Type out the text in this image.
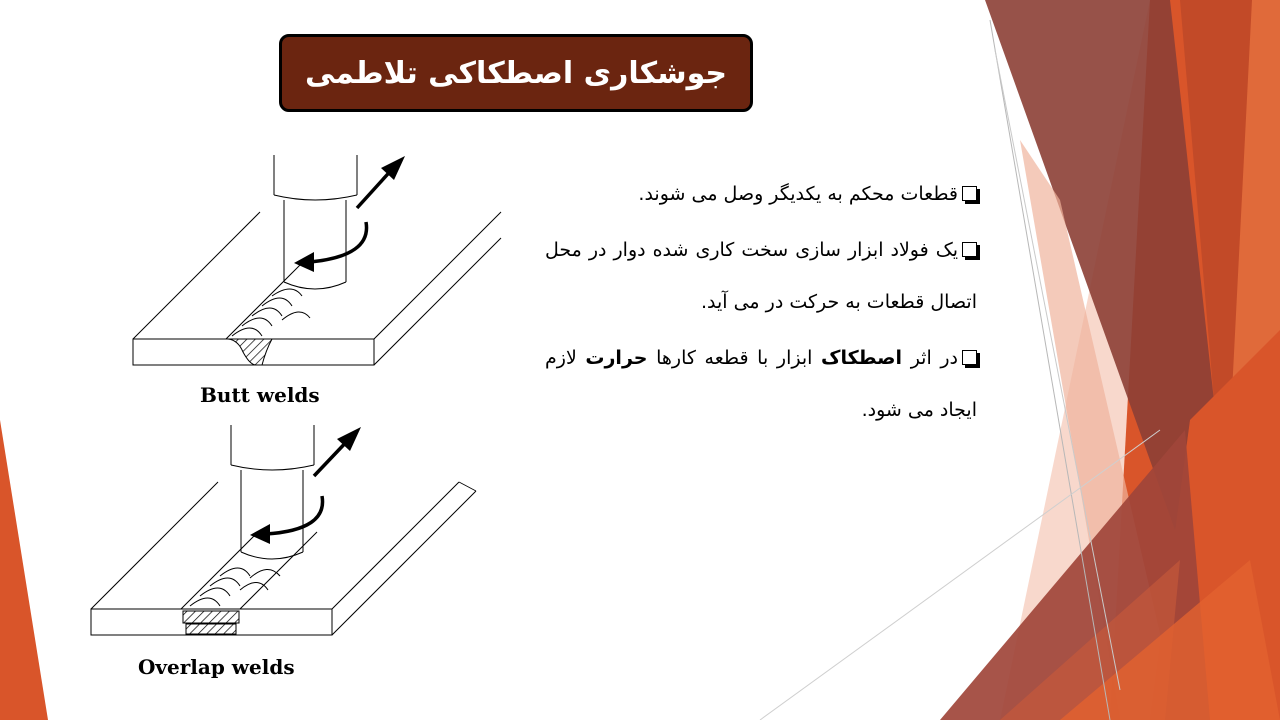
جوشکاری اصطکاکی تلاطمی
Butt welds
Overlap welds
قطعات محکم به یکدیگر وصل می شوند.
یک فولاد ابزار سازی سخت کاری شده دوار در محل اتصال قطعات به حرکت در می آید.
در اثر اصطکاک ابزار با قطعه کارها حرارت لازم ایجاد می شود.
